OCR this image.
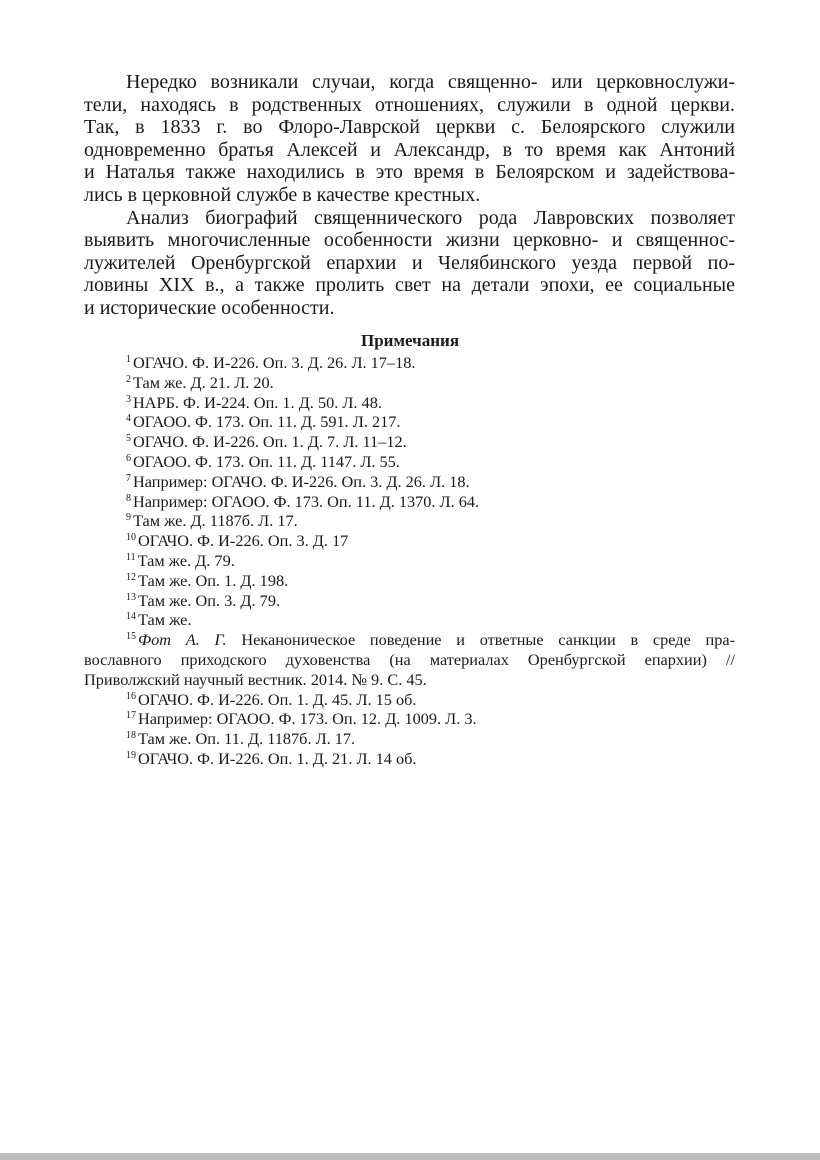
Нередко возникали случаи, когда священно- или церковнослужи-
тели, находясь в родственных отношениях, служили в одной церкви.
Так, в 1833 г. во Флоро-Лаврской церкви с. Белоярского служили
одновременно братья Алексей и Александр, в то время как Антоний
и Наталья также находились в это время в Белоярском и задействова-
лись в церковной службе в качестве крестных.
Анализ биографий священнического рода Лавровских позволяет
выявить многочисленные особенности жизни церковно- и священнос-
лужителей Оренбургской епархии и Челябинского уезда первой по-
ловины XIX в., а также пролить свет на детали эпохи, ее социальные
и исторические особенности.
Примечания
$^1$ ОГАЧО. Ф. И-226. Оп. 3. Д. 26. Л. 17–18.
$^2$ Там же. Д. 21. Л. 20.
$^3$ НАРБ. Ф. И-224. Оп. 1. Д. 50. Л. 48.
$^4$ ОГАОО. Ф. 173. Оп. 11. Д. 591. Л. 217.
$^5$ ОГАЧО. Ф. И-226. Оп. 1. Д. 7. Л. 11–12.
$^6$ ОГАОО. Ф. 173. Оп. 11. Д. 1147. Л. 55.
$^7$ Например: ОГАЧО. Ф. И-226. Оп. 3. Д. 26. Л. 18.
$^8$ Например: ОГАОО. Ф. 173. Оп. 11. Д. 1370. Л. 64.
$^9$ Там же. Д. 1187б. Л. 17.
$^{10}$ ОГАЧО. Ф. И-226. Оп. 3. Д. 17
$^{11}$ Там же. Д. 79.
$^{12}$ Там же. Оп. 1. Д. 198.
$^{13}$ Там же. Оп. 3. Д. 79.
$^{14}$ Там же.
$^{15}$ Фот А. Г. Неканоническое поведение и ответные санкции в среде пра-
вославного приходского духовенства (на материалах Оренбургской епархии) //
Приволжский научный вестник. 2014. № 9. С. 45.
$^{16}$ ОГАЧО. Ф. И-226. Оп. 1. Д. 45. Л. 15 об.
$^{17}$ Например: ОГАОО. Ф. 173. Оп. 12. Д. 1009. Л. 3.
$^{18}$ Там же. Оп. 11. Д. 1187б. Л. 17.
$^{19}$ ОГАЧО. Ф. И-226. Оп. 1. Д. 21. Л. 14 об.
